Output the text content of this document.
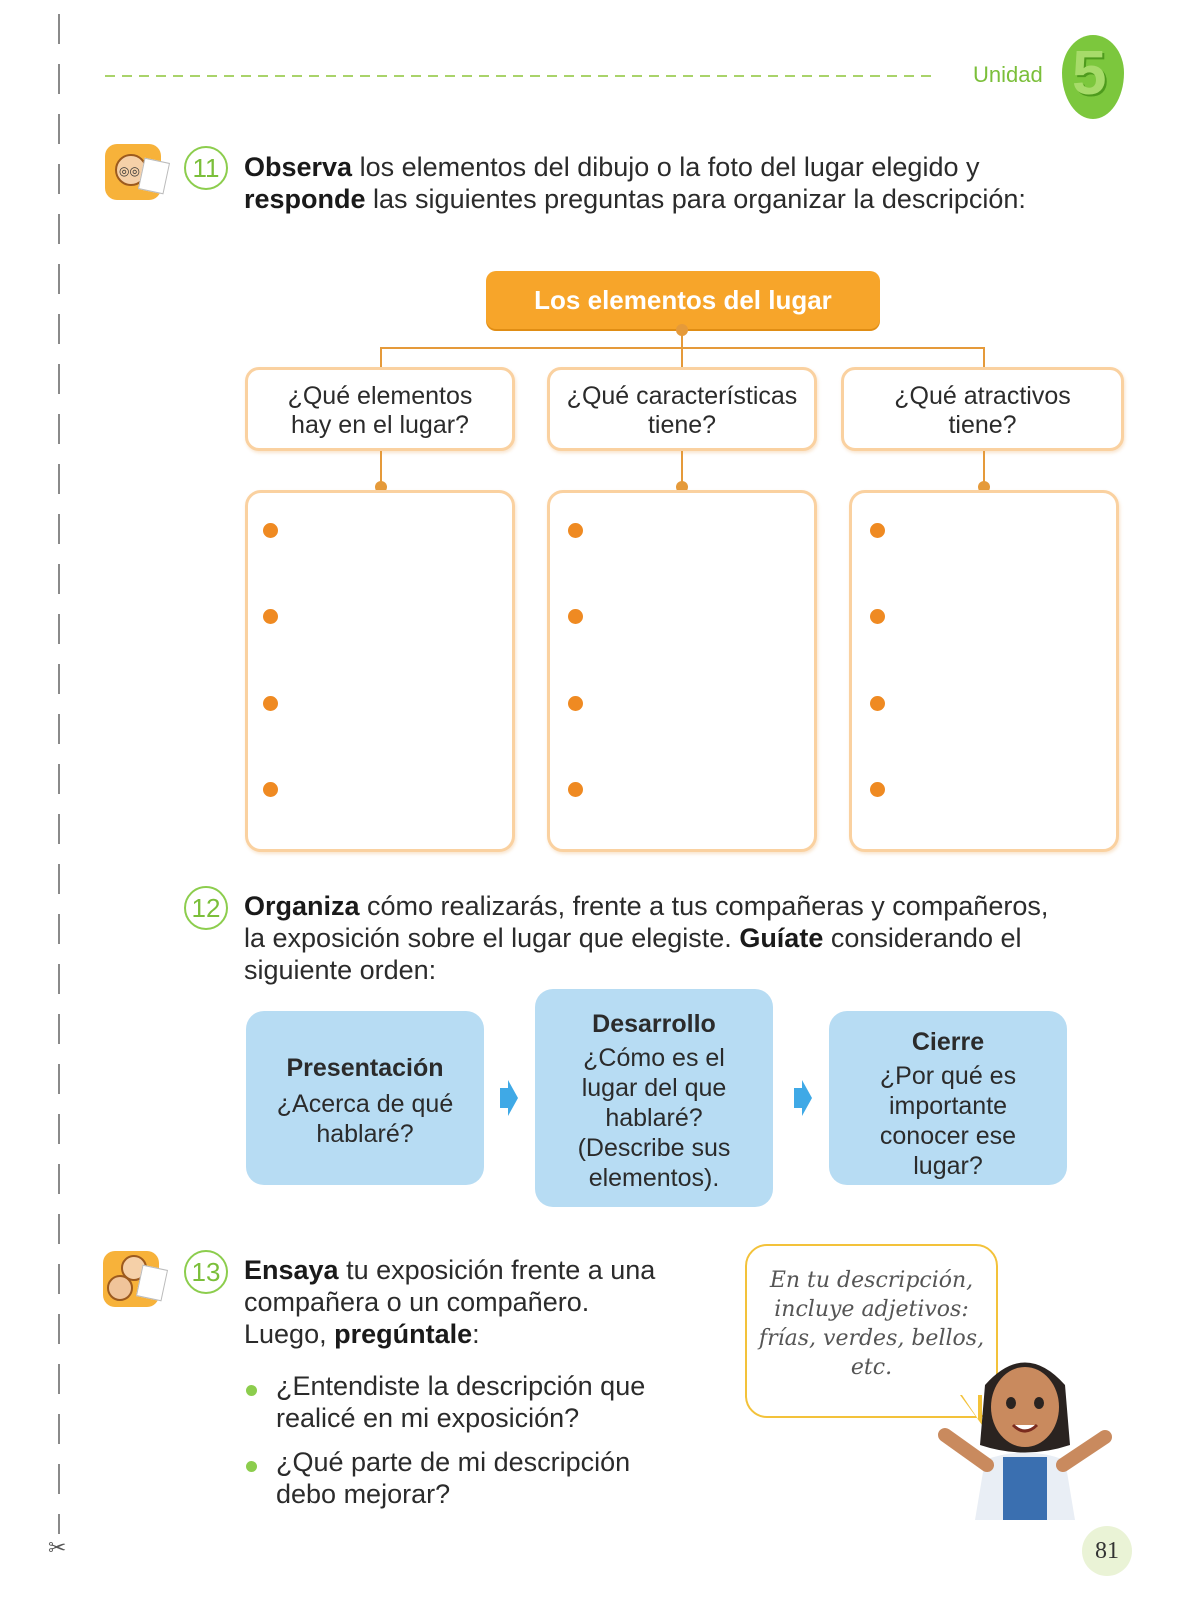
✂
Unidad 5
◎◎	11 Observa los elementos del dibujo o la foto del lugar elegido y
responde las siguientes preguntas para organizar la descripción:
Los elementos del lugar
¿Qué elementos
hay en el lugar?
¿Qué características
tiene?
¿Qué atractivos
tiene?
12 Organiza cómo realizarás, frente a tus compañeras y compañeros,
la exposición sobre el lugar que elegiste. Guíate considerando el
siguiente orden:
Presentación
¿Acerca de qué
hablaré?
Desarrollo
¿Cómo es el
lugar del que
hablaré?
(Describe sus
elementos).
Cierre
¿Por qué es
importante
conocer ese
lugar?
13 Ensaya tu exposición frente a una
compañera o un compañero.
Luego, pregúntale:
¿Entendiste la descripción que
realicé en mi exposición?
¿Qué parte de mi descripción
debo mejorar?
En tu descripción,
incluye adjetivos:
frías, verdes, bellos,
etc.
81
